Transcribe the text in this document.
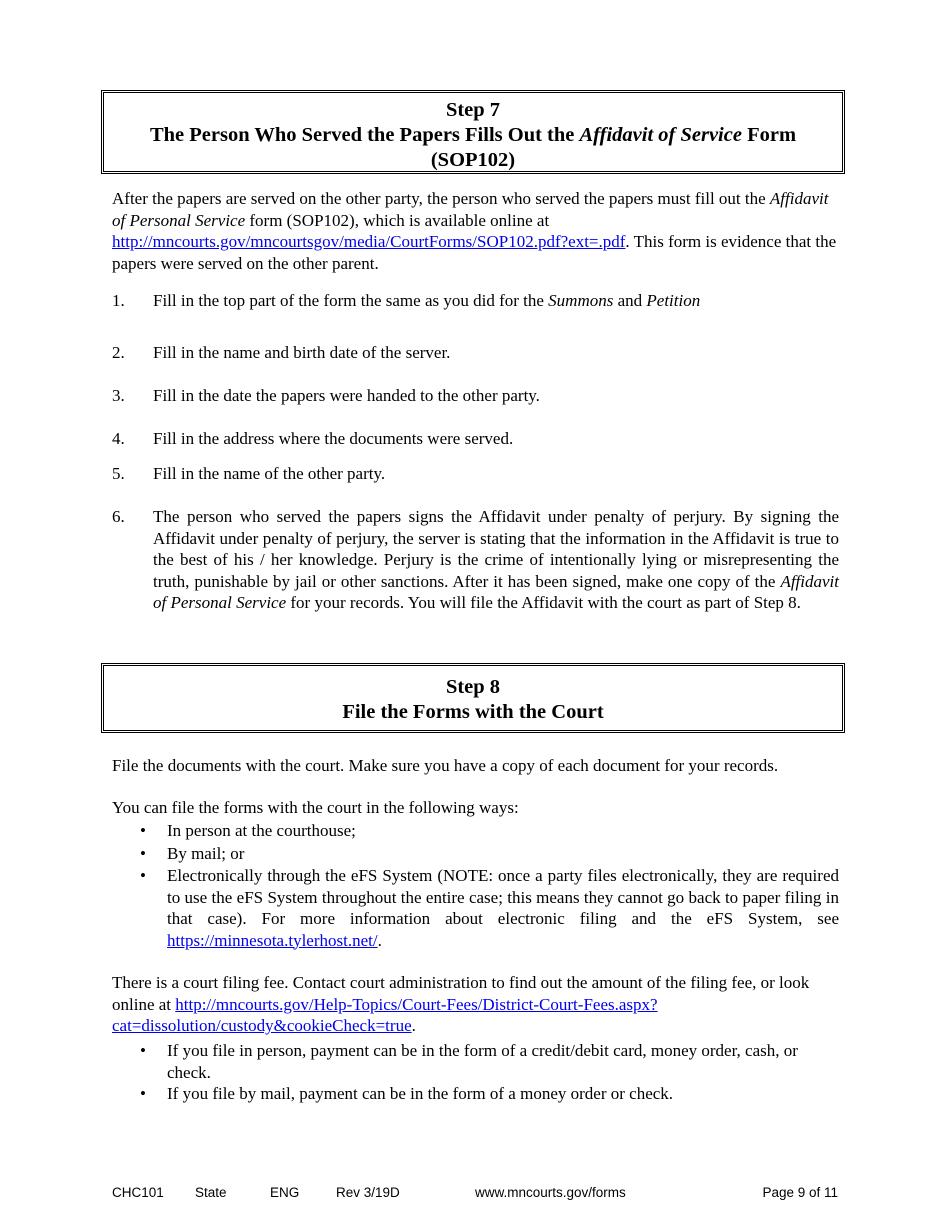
Step 7
The Person Who Served the Papers Fills Out the Affidavit of Service Form
(SOP102)
After the papers are served on the other party, the person who served the papers must fill out the Affidavit of Personal Service form (SOP102), which is available online at
http://mncourts.gov/mncourtsgov/media/CourtForms/SOP102.pdf?ext=.pdf. This form is evidence that the papers were served on the other parent.
1. Fill in the top part of the form the same as you did for the Summons and Petition
2. Fill in the name and birth date of the server.
3. Fill in the date the papers were handed to the other party.
4. Fill in the address where the documents were served.
5. Fill in the name of the other party.
6. The person who served the papers signs the Affidavit under penalty of perjury. By signing the Affidavit under penalty of perjury, the server is stating that the information in the Affidavit is true to the best of his / her knowledge. Perjury is the crime of intentionally lying or misrepresenting the truth, punishable by jail or other sanctions. After it has been signed, make one copy of the Affidavit of Personal Service for your records. You will file the Affidavit with the court as part of Step 8.
Step 8
File the Forms with the Court
File the documents with the court. Make sure you have a copy of each document for your records.
You can file the forms with the court in the following ways:
• In person at the courthouse;
• By mail; or
• Electronically through the eFS System (NOTE: once a party files electronically, they are required to use the eFS System throughout the entire case; this means they cannot go back to paper filing in that case). For more information about electronic filing and the eFS System, see https://minnesota.tylerhost.net/.
There is a court filing fee. Contact court administration to find out the amount of the filing fee, or look online at http://mncourts.gov/Help-Topics/Court-Fees/District-Court-Fees.aspx?cat=dissolution/custody&cookieCheck=true.
• If you file in person, payment can be in the form of a credit/debit card, money order, cash, or check.
• If you file by mail, payment can be in the form of a money order or check.
CHC101 State	ENG	Rev 3/19D	www.mncourts.gov/forms	Page 9 of 11
